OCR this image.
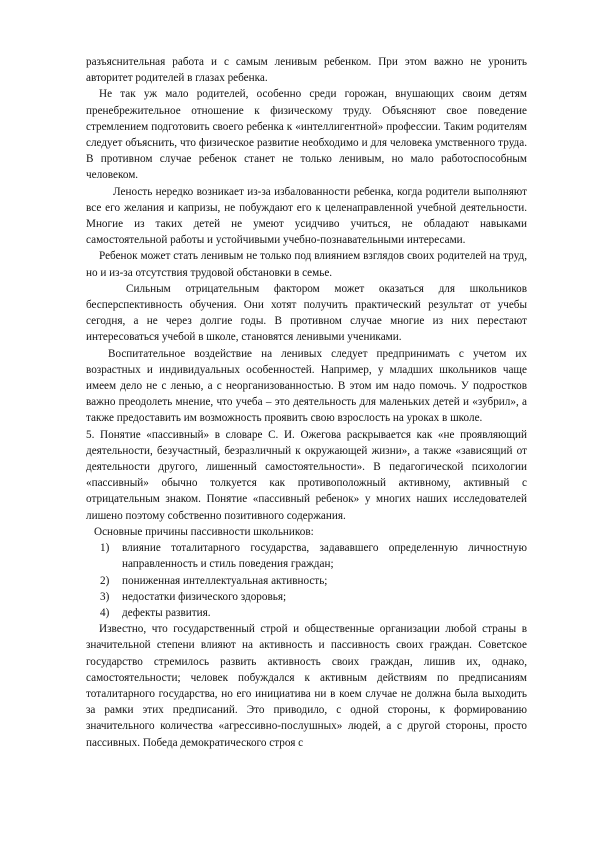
разъяснительная работа и с самым ленивым ребенком. При этом важно не уронить авторитет родителей в глазах ребенка.

Не так уж мало родителей, особенно среди горожан, внушающих своим детям пренебрежительное отношение к физическому труду. Объясняют свое поведение стремлением подготовить своего ребенка к «интеллигентной» профессии. Таким родителям следует объяснить, что физическое развитие необходимо и для человека умственного труда. В противном случае ребенок станет не только ленивым, но мало работоспособным человеком.

Леность нередко возникает из-за избалованности ребенка, когда родители выполняют все его желания и капризы, не побуждают его к целенаправленной учебной деятельности. Многие из таких детей не умеют усидчиво учиться, не обладают навыками самостоятельной работы и устойчивыми учебно-познавательными интересами.

Ребенок может стать ленивым не только под влиянием взглядов своих родителей на труд, но и из-за отсутствия трудовой обстановки в семье.

Сильным отрицательным фактором может оказаться для школьников бесперспективность обучения. Они хотят получить практический результат от учебы сегодня, а не через долгие годы. В противном случае многие из них перестают интересоваться учебой в школе, становятся ленивыми учениками.

Воспитательное воздействие на ленивых следует предпринимать с учетом их возрастных и индивидуальных особенностей. Например, у младших школьников чаще имеем дело не с ленью, а с неорганизованностью. В этом им надо помочь. У подростков важно преодолеть мнение, что учеба – это деятельность для маленьких детей и «зубрил», а также предоставить им возможность проявить свою взрослость на уроках в школе.

5. Понятие «пассивный» в словаре С. И. Ожегова раскрывается как «не проявляющий деятельности, безучастный, безразличный к окружающей жизни», а также «зависящий от деятельности другого, лишенный самостоятельности». В педагогической психологии «пассивный» обычно толкуется как противоположный активному, активный с отрицательным знаком. Понятие «пассивный ребенок» у многих наших исследователей лишено поэтому собственно позитивного содержания.

Основные причины пассивности школьников:

1) влияние тоталитарного государства, задававшего определенную личностную направленность и стиль поведения граждан;
2) пониженная интеллектуальная активность;
3) недостатки физического здоровья;
4) дефекты развития.

Известно, что государственный строй и общественные организации любой страны в значительной степени влияют на активность и пассивность своих граждан. Советское государство стремилось развить активность своих граждан, лишив их, однако, самостоятельности; человек побуждался к активным действиям по предписаниям тоталитарного государства, но его инициатива ни в коем случае не должна была выходить за рамки этих предписаний. Это приводило, с одной стороны, к формированию значительного количества «агрессивно-послушных» людей, а с другой стороны, просто пассивных. Победа демократического строя с
